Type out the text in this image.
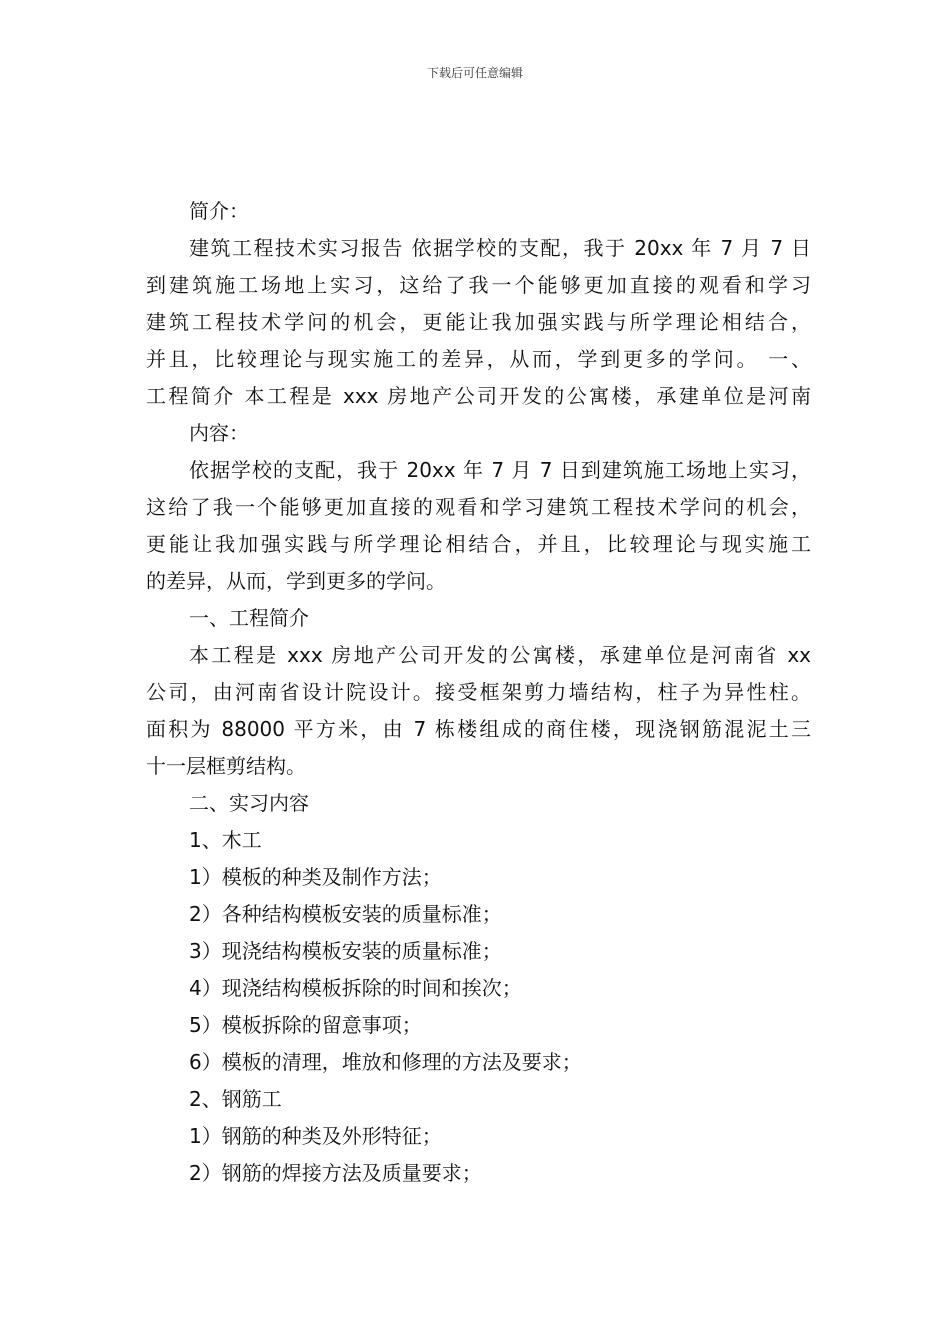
下载后可任意编辑

简介：

建筑工程技术实习报告 依据学校的支配，我于 20xx 年 7 月 7 日

到建筑施工场地上实习，这给了我一个能够更加直接的观看和学习

建筑工程技术学问的机会，更能让我加强实践与所学理论相结合，

并且，比较理论与现实施工的差异，从而，学到更多的学问。 一、

工程简介 本工程是 xxx 房地产公司开发的公寓楼，承建单位是河南

内容：

依据学校的支配，我于 20xx 年 7 月 7 日到建筑施工场地上实习，

这给了我一个能够更加直接的观看和学习建筑工程技术学问的机会，

更能让我加强实践与所学理论相结合，并且，比较理论与现实施工

的差异，从而，学到更多的学问。

一、工程简介

本工程是 xxx 房地产公司开发的公寓楼，承建单位是河南省 xx

公司，由河南省设计院设计。接受框架剪力墙结构，柱子为异性柱。

面积为 88000 平方米，由 7 栋楼组成的商住楼，现浇钢筋混泥土三

十一层框剪结构。

二、实习内容

1、木工

1）模板的种类及制作方法；

2）各种结构模板安装的质量标准；

3）现浇结构模板安装的质量标准；

4）现浇结构模板拆除的时间和挨次；

5）模板拆除的留意事项；

6）模板的清理，堆放和修理的方法及要求；

2、钢筋工

1）钢筋的种类及外形特征；

2）钢筋的焊接方法及质量要求；
